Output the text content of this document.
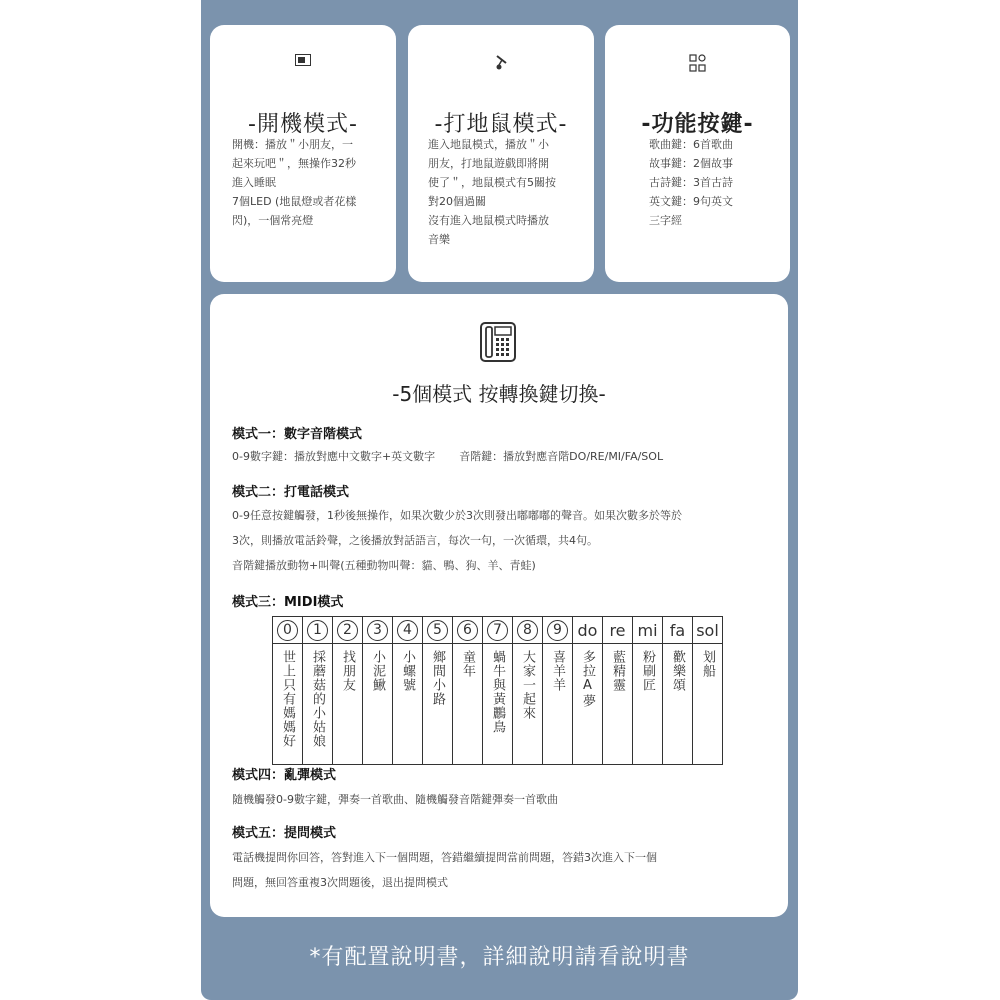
-開機模式-

開機：播放＂小朋友，一

起來玩吧＂，無操作32秒

進入睡眠

7個LED (地鼠燈或者花樣

閃)，一個常亮燈

-打地鼠模式-

進入地鼠模式，播放＂小

朋友，打地鼠遊戲即將開

使了＂，地鼠模式有5關按

對20個過關

沒有進入地鼠模式時播放

音樂

-功能按鍵-

歌曲鍵：6首歌曲

故事鍵：2個故事

古詩鍵：3首古詩

英文鍵：9句英文

三字經

-5個模式 按轉換鍵切換-

模式一：數字音階模式

0-9數字鍵：播放對應中文數字+英文數字 音階鍵：播放對應音階DO/RE/MI/FA/SOL

模式二：打電話模式

0-9任意按鍵觸發，1秒後無操作，如果次數少於3次則發出嘟嘟嘟的聲音。如果次數多於等於

3次，則播放電話鈴聲，之後播放對話語言，每次一句，一次循環，共4句。

音階鍵播放動物+叫聲(五種動物叫聲：貓、鴨、狗、羊、青蛙)

模式三：MIDI模式

0	1	2	3	4	5	6	7	8	9	do	re	mi	fa	sol

世上只有媽媽好	採蘑菇的小姑娘	找朋友	小泥鰍	小螺號	鄉間小路	童年	蝸牛與黃鸝鳥	大家一起來	喜羊羊	多拉A夢	藍精靈	粉刷匠	歡樂頌	划船

模式四：亂彈模式

隨機觸發0-9數字鍵，彈奏一首歌曲、隨機觸發音階鍵彈奏一首歌曲

模式五：提問模式

電話機提問你回答，答對進入下一個問題，答錯繼續提問當前問題，答錯3次進入下一個

問題，無回答重複3次問題後，退出提問模式

*有配置說明書，詳細說明請看說明書
